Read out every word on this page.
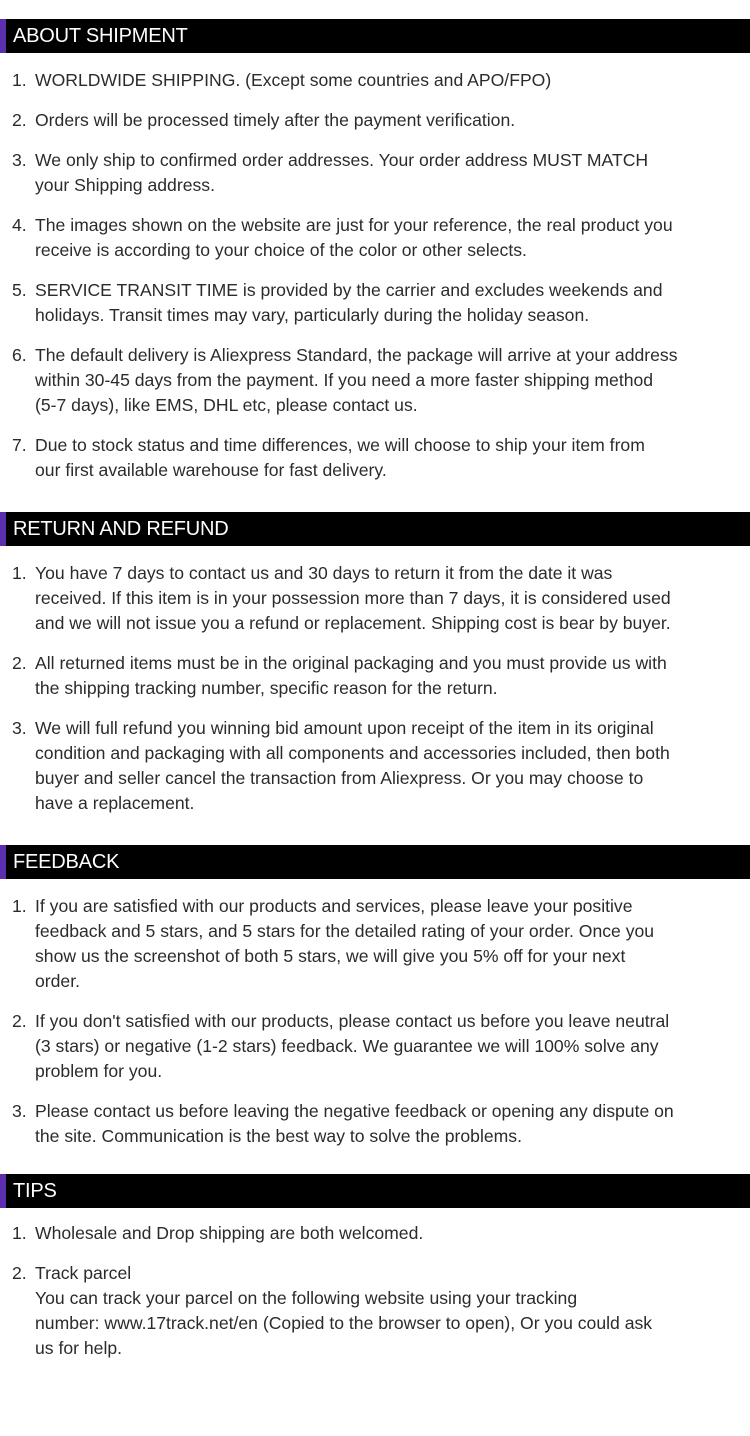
ABOUT SHIPMENT
1. WORLDWIDE SHIPPING. (Except some countries and APO/FPO)
2. Orders will be processed timely after the payment verification.
3. We only ship to confirmed order addresses. Your order address MUST MATCH
your Shipping address.
4. The images shown on the website are just for your reference, the real product you
receive is according to your choice of the color or other selects.
5. SERVICE TRANSIT TIME is provided by the carrier and excludes weekends and
holidays. Transit times may vary, particularly during the holiday season.
6. The default delivery is Aliexpress Standard, the package will arrive at your address
within 30-45 days from the payment. If you need a more faster shipping method
(5-7 days), like EMS, DHL etc, please contact us.
7. Due to stock status and time differences, we will choose to ship your item from
our first available warehouse for fast delivery.
RETURN AND REFUND
1. You have 7 days to contact us and 30 days to return it from the date it was
received. If this item is in your possession more than 7 days, it is considered used
and we will not issue you a refund or replacement. Shipping cost is bear by buyer.
2. All returned items must be in the original packaging and you must provide us with
the shipping tracking number, specific reason for the return.
3. We will full refund you winning bid amount upon receipt of the item in its original
condition and packaging with all components and accessories included, then both
buyer and seller cancel the transaction from Aliexpress. Or you may choose to
have a replacement.
FEEDBACK
1. If you are satisfied with our products and services, please leave your positive
feedback and 5 stars, and 5 stars for the detailed rating of your order. Once you
show us the screenshot of both 5 stars, we will give you 5% off for your next
order.
2. If you don't satisfied with our products, please contact us before you leave neutral
(3 stars) or negative (1-2 stars) feedback. We guarantee we will 100% solve any
problem for you.
3. Please contact us before leaving the negative feedback or opening any dispute on
the site. Communication is the best way to solve the problems.
TIPS
1. Wholesale and Drop shipping are both welcomed.
2. Track parcel
You can track your parcel on the following website using your tracking
number: www.17track.net/en (Copied to the browser to open), Or you could ask
us for help.
